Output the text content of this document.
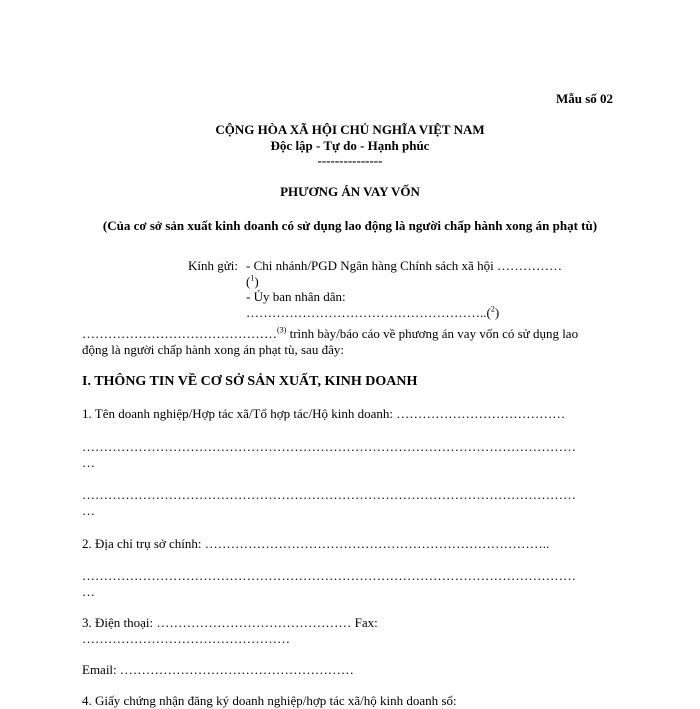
Mẫu số 02
CỘNG HÒA XÃ HỘI CHỦ NGHĨA VIỆT NAM
Độc lập - Tự do - Hạnh phúc
---------------
PHƯƠNG ÁN VAY VỐN
(Của cơ sở sản xuất kinh doanh có sử dụng lao động là người chấp hành xong án phạt tù)
Kính gửi: - Chi nhánh/PGD Ngân hàng Chính sách xã hội ……………
($^1$)
- Ủy ban nhân dân:
………………………………………………..($^2$)
………………………………………$^{(3)}$ trình bày/báo cáo về phương án vay vốn có sử dụng lao
động là người chấp hành xong án phạt tù, sau đây:
I. THÔNG TIN VỀ CƠ SỞ SẢN XUẤT, KINH DOANH
1. Tên doanh nghiệp/Hợp tác xã/Tổ hợp tác/Hộ kinh doanh: …………………………………
……………………………………………………………………………………………………
…
……………………………………………………………………………………………………
…
2. Địa chỉ trụ sở chính: ……………………………………………………………………..
……………………………………………………………………………………………………
…
3. Điện thoại: ……………………………………… Fax:
…………………………………………
Email: ………………………………………………
4. Giấy chứng nhận đăng ký doanh nghiệp/hợp tác xã/hộ kinh doanh số:
